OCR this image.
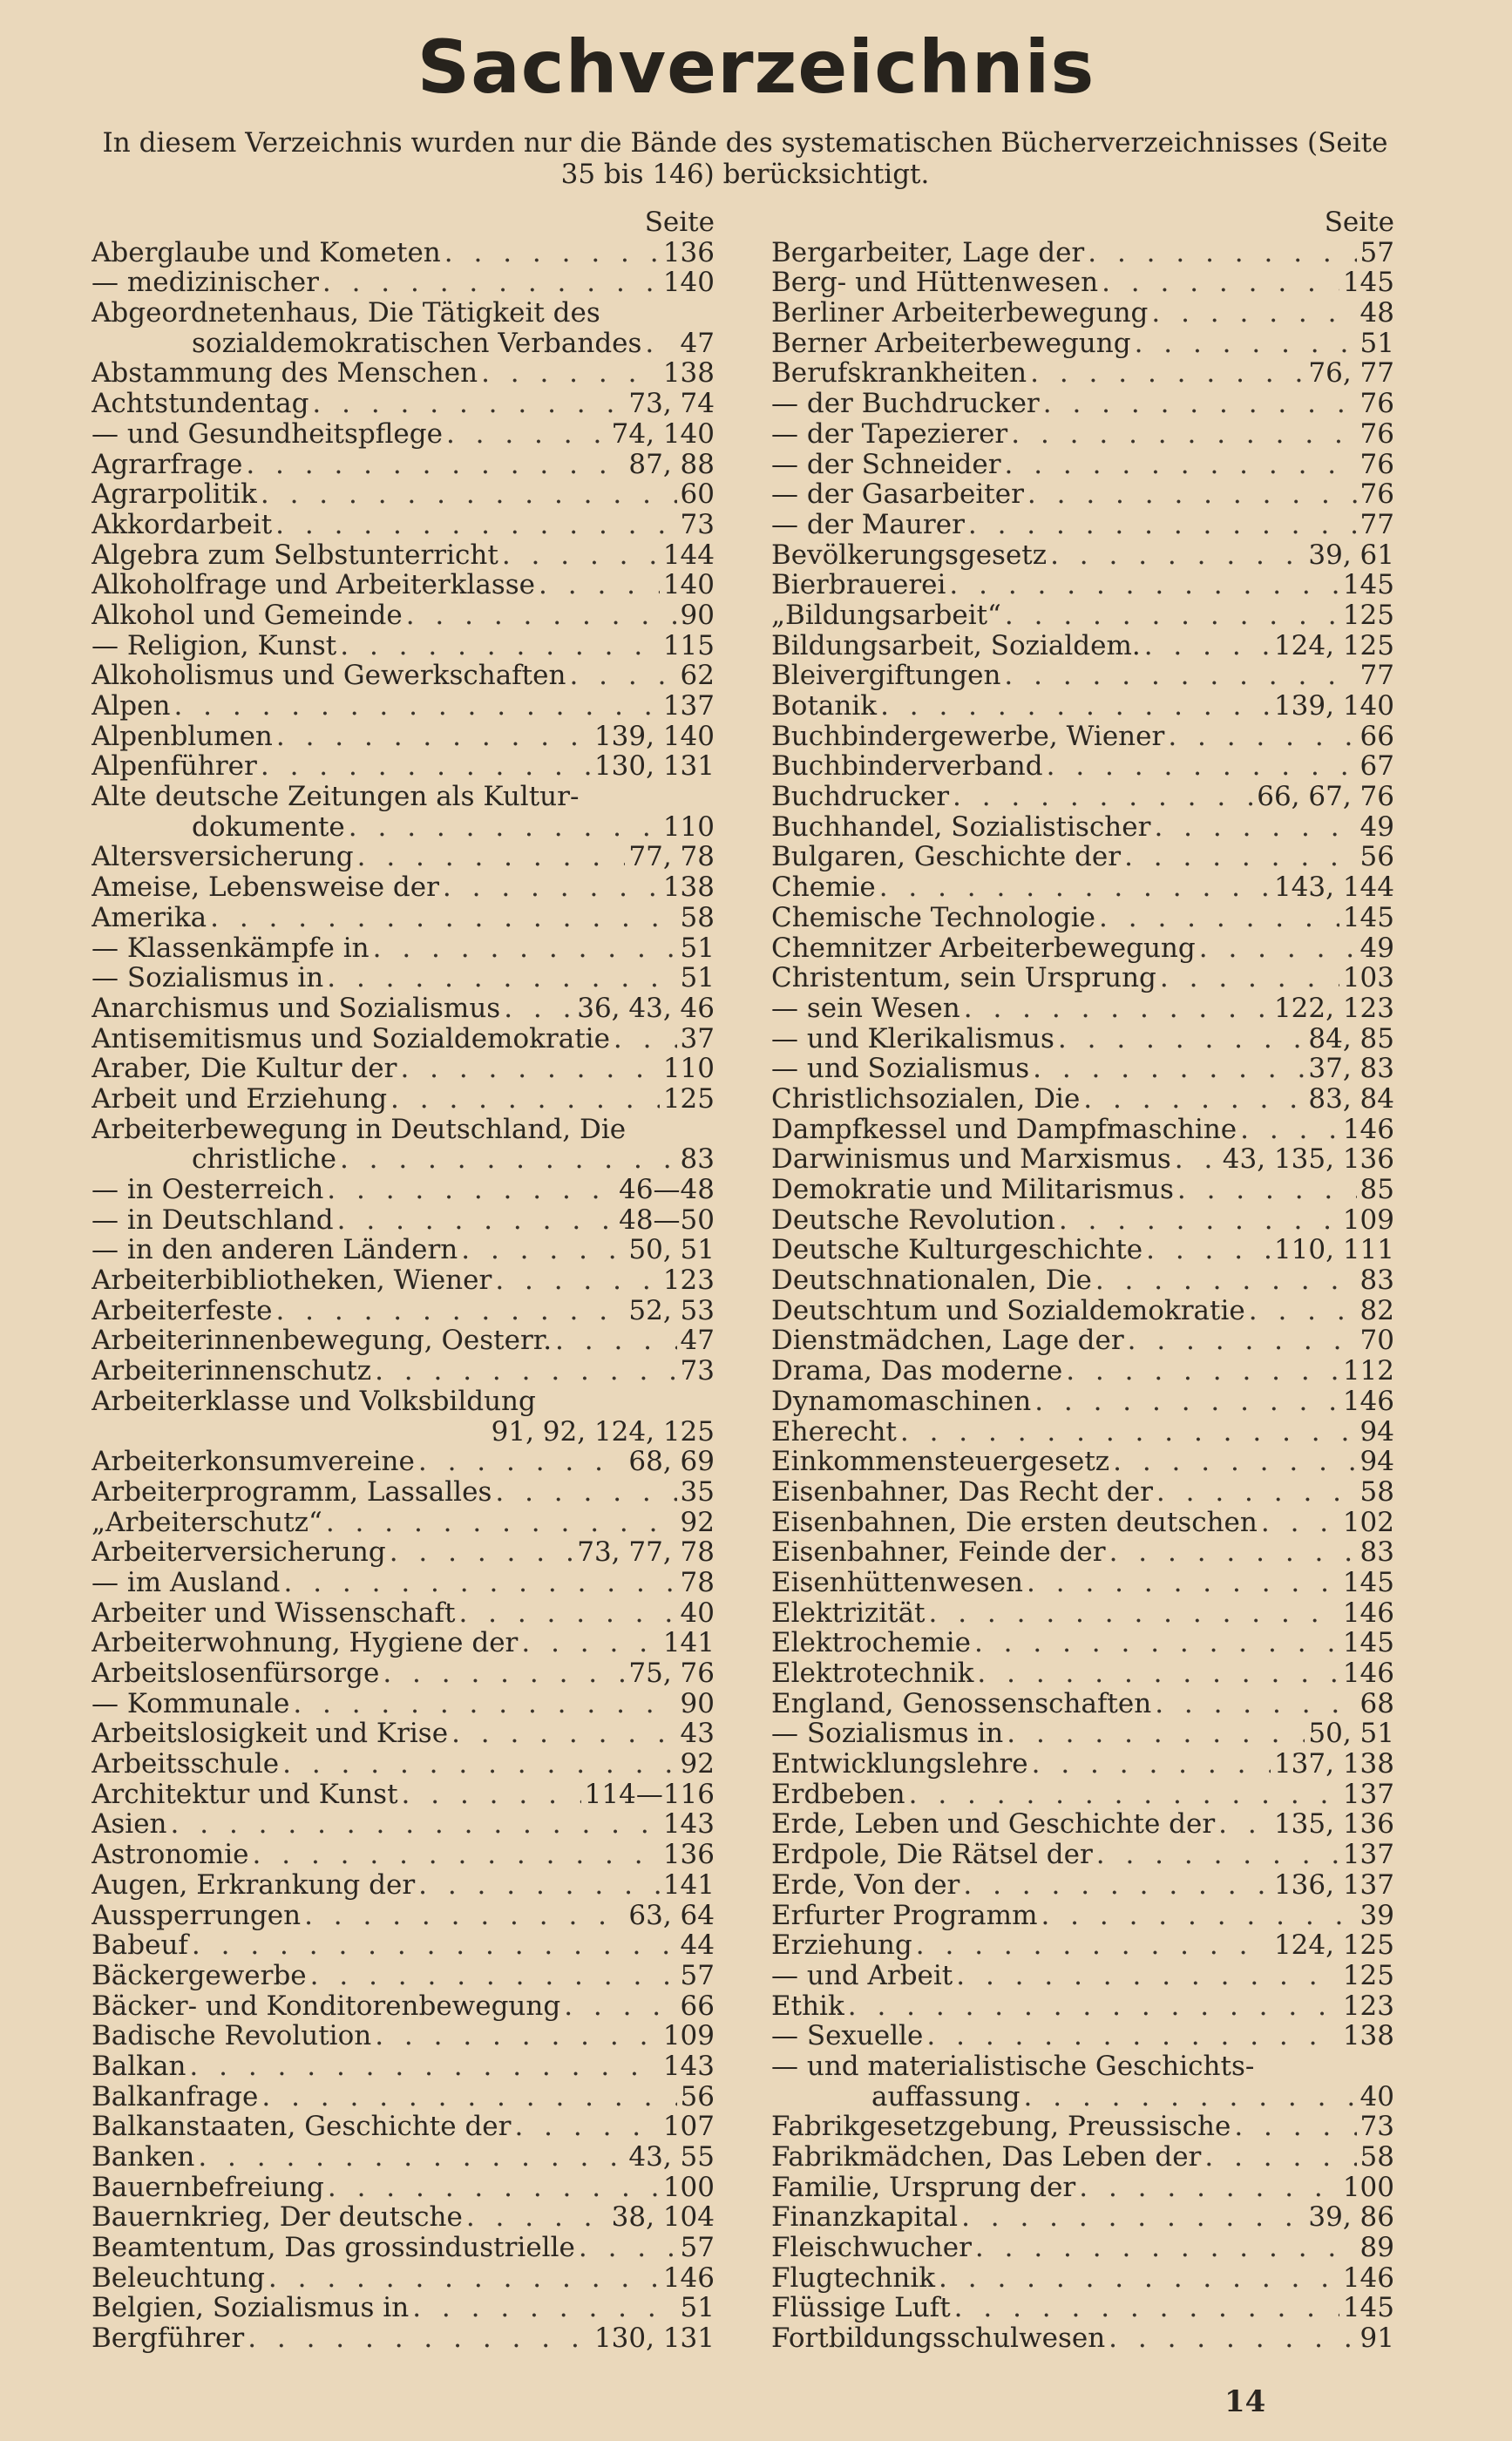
Sachverzeichnis
In diesem Verzeichnis wurden nur die Bände des systematischen Bücherverzeichnisses (Seite 35 bis 146) berücksichtigt.
Seite
Aberglaube und Kometen . . .	136
— medizinischer . . .	140
Abgeordnetenhaus, Die Tätigkeit des
sozialdemokratischen Verbandes . . . 47
Abstammung des Menschen . . .	138
Achtstundentag . . .	73, 74
— und Gesundheitspflege . . .	74, 140
Agrarfrage . . .	87, 88
Agrarpolitik . . .	60
Akkordarbeit . . .	73
Algebra zum Selbstunterricht . . .	144
Alkoholfrage und Arbeiterklasse . . .	140
Alkohol und Gemeinde . . .	90
— Religion, Kunst . . .	115
Alkoholismus und Gewerkschaften . . .	62
Alpen . . .	137
Alpenblumen . . .	139, 140
Alpenführer . . .	130, 131
Alte deutsche Zeitungen als Kultur-
dokumente . . .	110
Altersversicherung . . .	77, 78
Ameise, Lebensweise der . . .	138
Amerika . . .	58
— Klassenkämpfe in . . .	51
— Sozialismus in . . .	51
Anarchismus und Sozialismus . . .	36, 43, 46
Antisemitismus und Sozialdemokratie . . .	37
Araber, Die Kultur der . . .	110
Arbeit und Erziehung . . .	125
Arbeiterbewegung in Deutschland, Die
christliche . . .	83
— in Oesterreich . . .	46—48
— in Deutschland . . .	48—50
— in den anderen Ländern . . .	50, 51
Arbeiterbibliotheken, Wiener . . .	123
Arbeiterfeste . . .	52, 53
Arbeiterinnenbewegung, Oesterr. . . .	47
Arbeiterinnenschutz . . .	73
Arbeiterklasse und Volksbildung
91, 92, 124, 125
Arbeiterkonsumvereine . . .	68, 69
Arbeiterprogramm, Lassalles . . .	35
„Arbeiterschutz“ . . .	92
Arbeiterversicherung . . .	73, 77, 78
— im Ausland . . .	78
Arbeiter und Wissenschaft . . .	40
Arbeiterwohnung, Hygiene der . . .	141
Arbeitslosenfürsorge . . .	75, 76
— Kommunale . . .	90
Arbeitslosigkeit und Krise . . .	43
Arbeitsschule . . .	92
Architektur und Kunst . . .	114—116
Asien . . .	143
Astronomie . . .	136
Augen, Erkrankung der . . .	141
Aussperrungen . . .	63, 64
Babeuf . . .	44
Bäckergewerbe . . .	57
Bäcker- und Konditorenbewegung . . .	66
Badische Revolution . . .	109
Balkan . . .	143
Balkanfrage . . .	56
Balkanstaaten, Geschichte der . . .	107
Banken . . .	43, 55
Bauernbefreiung . . .	100
Bauernkrieg, Der deutsche . . .	38, 104
Beamtentum, Das grossindustrielle . . .	57
Beleuchtung . . .	146
Belgien, Sozialismus in . . .	51
Bergführer . . .	130, 131
Seite
Bergarbeiter, Lage der . . .	57
Berg- und Hüttenwesen . . .	145
Berliner Arbeiterbewegung . . .	48
Berner Arbeiterbewegung . . .	51
Berufskrankheiten . . .	76, 77
— der Buchdrucker . . .	76
— der Tapezierer . . .	76
— der Schneider . . .	76
— der Gasarbeiter . . .	76
— der Maurer . . .	77
Bevölkerungsgesetz . . .	39, 61
Bierbrauerei . . .	145
„Bildungsarbeit“ . . .	125
Bildungsarbeit, Sozialdem. . . .	124, 125
Bleivergiftungen . . .	77
Botanik . . .	139, 140
Buchbindergewerbe, Wiener . . .	66
Buchbinderverband . . .	67
Buchdrucker . . .	66, 67, 76
Buchhandel, Sozialistischer . . .	49
Bulgaren, Geschichte der . . .	56
Chemie . . .	143, 144
Chemische Technologie . . .	145
Chemnitzer Arbeiterbewegung . . .	49
Christentum, sein Ursprung . . .	103
— sein Wesen . . .	122, 123
— und Klerikalismus . . .	84, 85
— und Sozialismus . . .	37, 83
Christlichsozialen, Die . . .	83, 84
Dampfkessel und Dampfmaschine . . .	146
Darwinismus und Marxismus . . . 43, 135, 136
Demokratie und Militarismus . . .	85
Deutsche Revolution . . .	109
Deutsche Kulturgeschichte . . .	110, 111
Deutschnationalen, Die . . .	83
Deutschtum und Sozialdemokratie . . .	82
Dienstmädchen, Lage der . . .	70
Drama, Das moderne . . .	112
Dynamomaschinen . . .	146
Eherecht . . .	94
Einkommensteuergesetz . . .	94
Eisenbahner, Das Recht der . . .	58
Eisenbahnen, Die ersten deutschen . . .	102
Eisenbahner, Feinde der . . .	83
Eisenhüttenwesen . . .	145
Elektrizität . . .	146
Elektrochemie . . .	145
Elektrotechnik . . .	146
England, Genossenschaften . . .	68
— Sozialismus in . . .	50, 51
Entwicklungslehre . . .	137, 138
Erdbeben . . .	137
Erde, Leben und Geschichte der . . . 135, 136
Erdpole, Die Rätsel der . . .	137
Erde, Von der . . .	136, 137
Erfurter Programm . . .	39
Erziehung . . .	124, 125
— und Arbeit . . .	125
Ethik . . .	123
— Sexuelle . . .	138
— und materialistische Geschichts-
auffassung . . .	40
Fabrikgesetzgebung, Preussische . . .	73
Fabrikmädchen, Das Leben der . . .	58
Familie, Ursprung der . . .	100
Finanzkapital . . .	39, 86
Fleischwucher . . .	89
Flugtechnik . . .	146
Flüssige Luft . . .	145
Fortbildungsschulwesen . . .	91
14
